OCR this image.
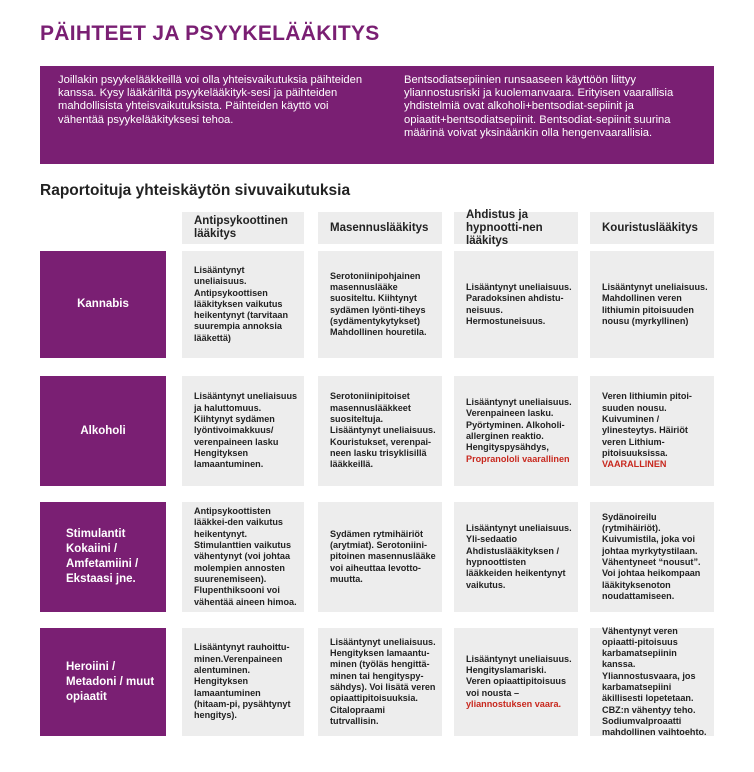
PÄIHTEET JA PSYYKELÄÄKITYS
Joillakin psyykelääkkeillä voi olla yhteisvaikutuksia päihteiden kanssa. Kysy lääkäriltä psyykelääkityk-sesi ja päihteiden mahdollisista yhteisvaikutuksista. Päihteiden käyttö voi vähentää psyykelääkityksesi tehoa.
Bentsodiatsepiinien runsaaseen käyttöön liittyy yliannostusriski ja kuolemanvaara. Erityisen vaarallisia yhdistelmiä ovat alkoholi+bentsodiat-sepiinit ja opiaatit+bentsodiatsepiinit. Bentsodiat-sepiinit suurina määrinä voivat yksinäänkin olla hengenvaarallisia.
Raportoituja yhteiskäytön sivuvaikutuksia
Antipsykoottinen lääkitys
Masennuslääkitys
Ahdistus ja hypnootti-nen lääkitys
Kouristuslääkitys
Kannabis
Lisääntynyt uneliaisuus. Antipsykoottisen lääkityksen vaikutus heikentynyt (tarvitaan suurempia annoksia lääkettä)
Serotoniinipohjainen masennuslääke suositeltu. Kiihtynyt sydämen lyönti-tiheys (sydämentykytykset) Mahdollinen houretila.
Lisääntynyt uneliaisuus. Paradoksinen ahdistu-neisuus. Hermostuneisuus.
Lisääntynyt uneliaisuus. Mahdollinen veren lithiumin pitoisuuden nousu (myrkyllinen)
Alkoholi
Lisääntynyt uneliaisuus ja haluttomuus. Kiihtynyt sydämen lyöntivoimakkuus/ verenpaineen lasku Hengityksen lamaantuminen.
Serotoniinipitoiset masennuslääkkeet suositeltuja. Lisääntynyt uneliaisuus. Kouristukset, verenpai-neen lasku trisyklisillä lääkkeillä.
Lisääntynyt uneliaisuus. Verenpaineen lasku. Pyörtyminen. Alkoholi-allerginen reaktio. Hengityspysähdys,
Propranololi vaarallinen
Veren lithiumin pitoi-suuden nousu. Kuivuminen / ylinesteytys. Häiriöt veren Lithium-pitoisuuksissa.
VAARALLINEN
Stimulantit Kokaiini / Amfetamiini / Ekstaasi jne.
Antipsykoottisten lääkkei-den vaikutus heikentynyt. Stimulanttien vaikutus vähentynyt (voi johtaa molempien annosten suurenemiseen). Flupenthiksooni voi vähentää aineen himoa.
Sydämen rytmihäiriöt (arytmiat). Serotoniini-pitoinen masennuslääke voi aiheuttaa levotto-muutta.
Lisääntynyt uneliaisuus. Yli-sedaatio Ahdistuslääkityksen / hypnoottisten lääkkeiden heikentynyt vaikutus.
Sydänoireilu (rytmihäiriöt). Kuivumistila, joka voi johtaa myrkytystilaan. Vähentyneet “nousut”. Voi johtaa heikompaan lääkityksenoton noudattamiseen.
Heroiini / Metadoni / muut opiaatit
Lisääntynyt rauhoittu-minen.Verenpaineen alentuminen. Hengityksen lamaantuminen (hitaam-pi, pysähtynyt hengitys).
Lisääntynyt uneliaisuus. Hengityksen lamaantu-minen (työläs hengittä-minen tai hengityspy-sähdys). Voi lisätä veren opiaattipitoisuuksia. Citalopraami tutrvallisin.
Lisääntynyt uneliaisuus. Hengityslamariski. Veren opiaattipitoisuus voi nousta –
yliannostuksen vaara.
Vähentynyt veren opiaatti-pitoisuus karbamatsepiinin kanssa. Yliannostusvaara, jos karbamatsepiini äkillisesti lopetetaan. CBZ:n vähentyy teho. Sodiumvalproaatti mahdollinen vaihtoehto.
